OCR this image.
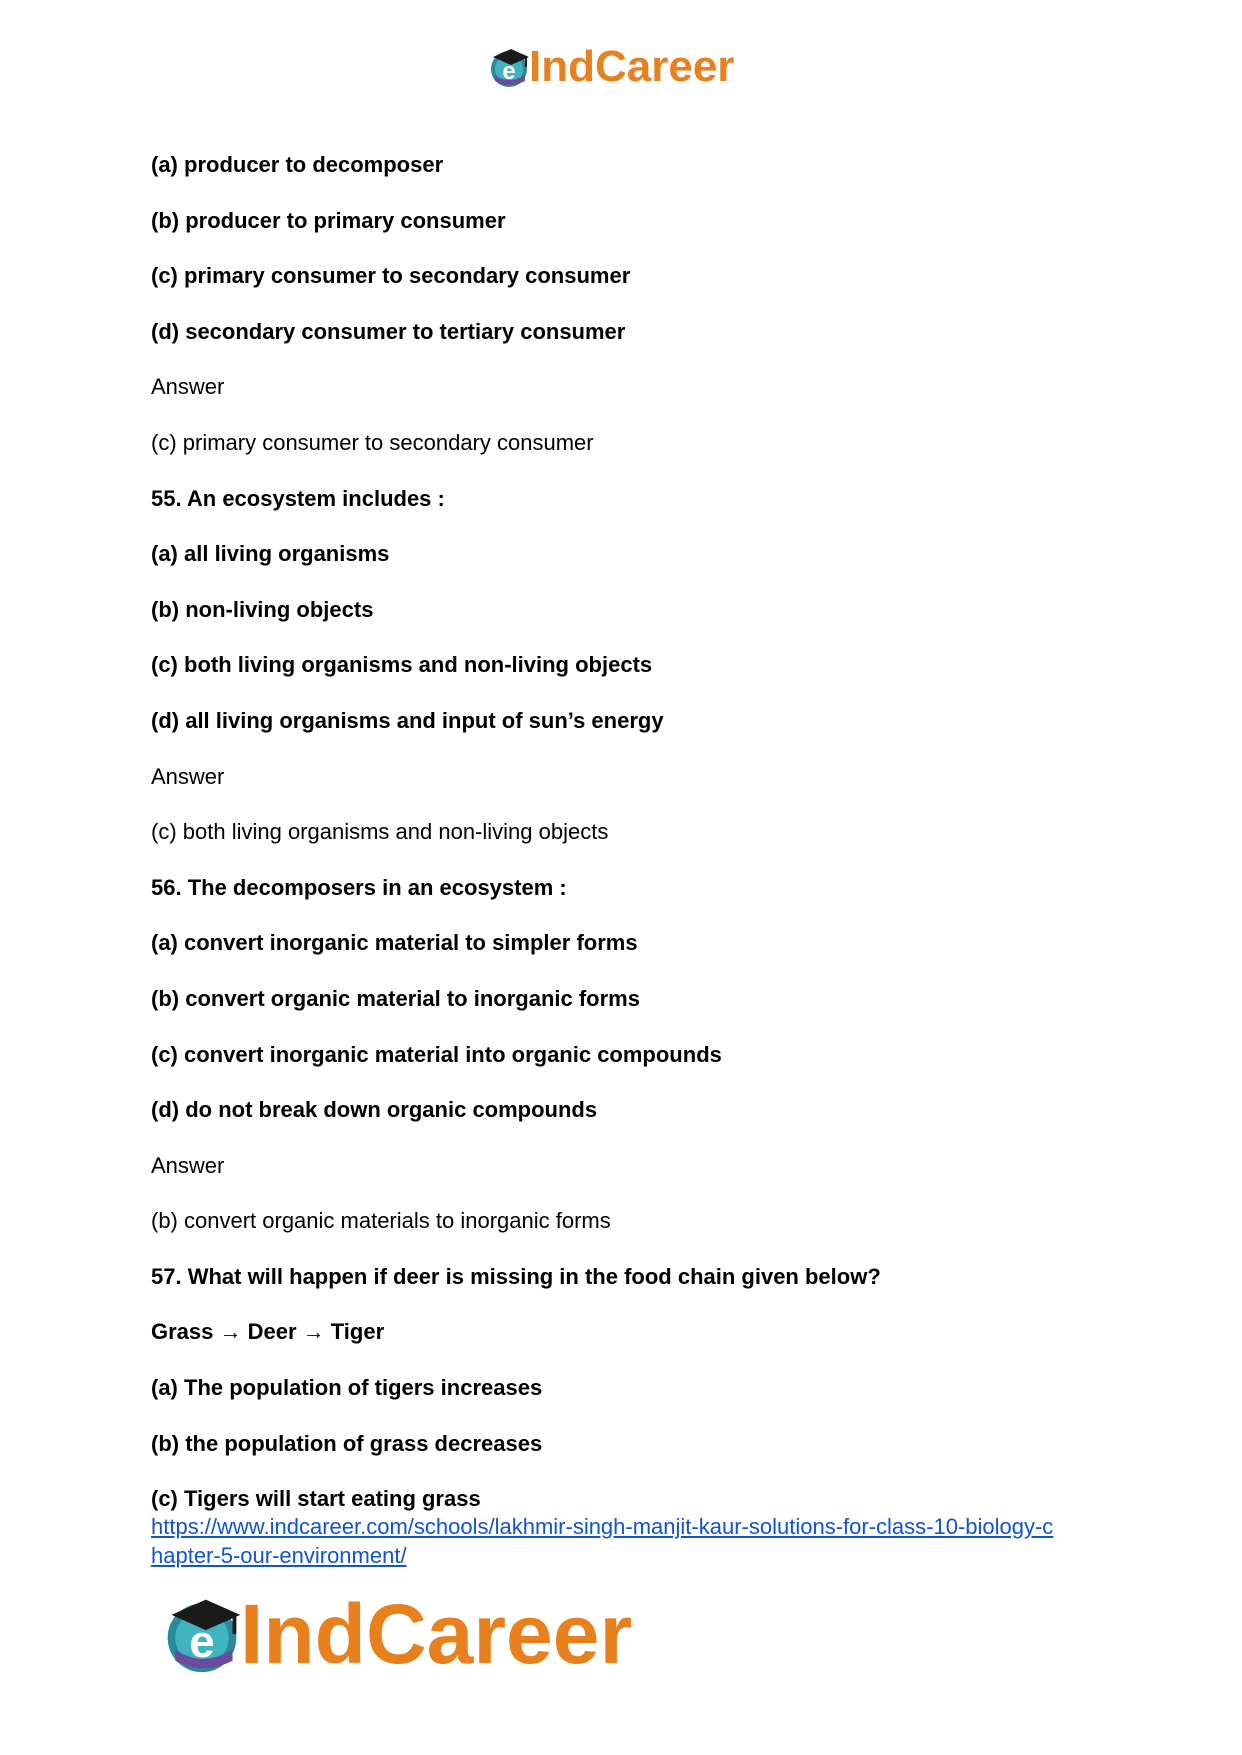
e IndCareer
(a) producer to decomposer
(b) producer to primary consumer
(c) primary consumer to secondary consumer
(d) secondary consumer to tertiary consumer
Answer
(c) primary consumer to secondary consumer
55. An ecosystem includes :
(a) all living organisms
(b) non-living objects
(c) both living organisms and non-living objects
(d) all living organisms and input of sun’s energy
Answer
(c) both living organisms and non-living objects
56. The decomposers in an ecosystem :
(a) convert inorganic material to simpler forms
(b) convert organic material to inorganic forms
(c) convert inorganic material into organic compounds
(d) do not break down organic compounds
Answer
(b) convert organic materials to inorganic forms
57. What will happen if deer is missing in the food chain given below?
Grass → Deer → Tiger
(a) The population of tigers increases
(b) the population of grass decreases
(c) Tigers will start eating grass
https://www.indcareer.com/schools/lakhmir-singh-manjit-kaur-solutions-for-class-10-biology-c
hapter-5-our-environment/
e IndCareer
